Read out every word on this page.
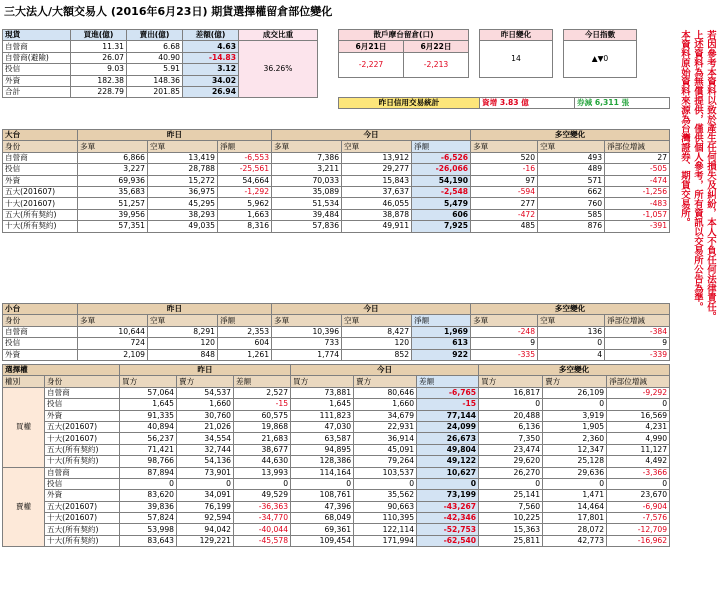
三大法人/大額交易人 (2016年6月23日) 期貨選擇權留倉部位變化
現貨	買進(億)	賣出(億)	差額(億)	成交比重
自營商	11.31	6.68	4.63	36.26%
自營商(避險)	26.07	40.90	-14.83	
投信	9.03	5.91	3.12	
外資	182.38	148.36	34.02	
合計	228.79	201.85	26.94	
散戶摩台留倉(口)			昨日變化		今日指數	
6月21日	6月22日		14		▲▼0	
-2,227	-2,213					

昨日信用交易統計	資增 3.83 億	券減 6,311 張
大台	昨日			今日			多空變化		
身份	多單	空單	淨額	多單	空單	淨額	多單	空單	淨部位增減
自營商	6,866	13,419	-6,553	7,386	13,912	-6,526	520	493	27
投信	3,227	28,788	-25,561	3,211	29,277	-26,066	-16	489	-505
外資	69,936	15,272	54,664	70,033	15,843	54,190	97	571	-474
五大(201607)	35,683	36,975	-1,292	35,089	37,637	-2,548	-594	662	-1,256
十大(201607)	51,257	45,295	5,962	51,534	46,055	5,479	277	760	-483
五大(所有契約)	39,956	38,293	1,663	39,484	38,878	606	-472	585	-1,057
十大(所有契約)	57,351	49,035	8,316	57,836	49,911	7,925	485	876	-391
小台	昨日			今日			多空變化		
身份	多單	空單	淨額	多單	空單	淨額	多單	空單	淨部位增減
自營商	10,644	8,291	2,353	10,396	8,427	1,969	-248	136	-384
投信	724	120	604	733	120	613	9	0	9
外資	2,109	848	1,261	1,774	852	922	-335	4	-339
選擇權		昨日			今日			多空變化		
權別	身份	買方	賣方	差額	買方	賣方	差額	買方	賣方	淨部位增減
買權	自營商	57,064	54,537	2,527	73,881	80,646	-6,765	16,817	26,109	-9,292
	投信	1,645	1,660	-15	1,645	1,660	-15	0	0	0
	外資	91,335	30,760	60,575	111,823	34,679	77,144	20,488	3,919	16,569
	五大(201607)	40,894	21,026	19,868	47,030	22,931	24,099	6,136	1,905	4,231
	十大(201607)	56,237	34,554	21,683	63,587	36,914	26,673	7,350	2,360	4,990
	五大(所有契約)	71,421	32,744	38,677	94,895	45,091	49,804	23,474	12,347	11,127
	十大(所有契約)	98,766	54,136	44,630	128,386	79,264	49,122	29,620	25,128	4,492
賣權	自營商	87,894	73,901	13,993	114,164	103,537	10,627	26,270	29,636	-3,366
	投信	0	0	0	0	0	0	0	0	0
	外資	83,620	34,091	49,529	108,761	35,562	73,199	25,141	1,471	23,670
	五大(201607)	39,836	76,199	-36,363	47,396	90,663	-43,267	7,560	14,464	-6,904
	十大(201607)	57,824	92,594	-34,770	68,049	110,395	-42,346	10,225	17,801	-7,576
	五大(所有契約)	53,998	94,042	-40,044	69,361	122,114	-52,753	15,363	28,072	-12,709
	十大(所有契約)	83,643	129,221	-45,578	109,454	171,994	-62,540	25,811	42,773	-16,962
若因參考本資料以致於產生任何損失及糾紛，本人不負任何法律責任。
上述資料為無償提供，僅供個人參考，所有資訊以交易所公告為準。
本資料原始資料來源為台灣證券、期貨交易所。
